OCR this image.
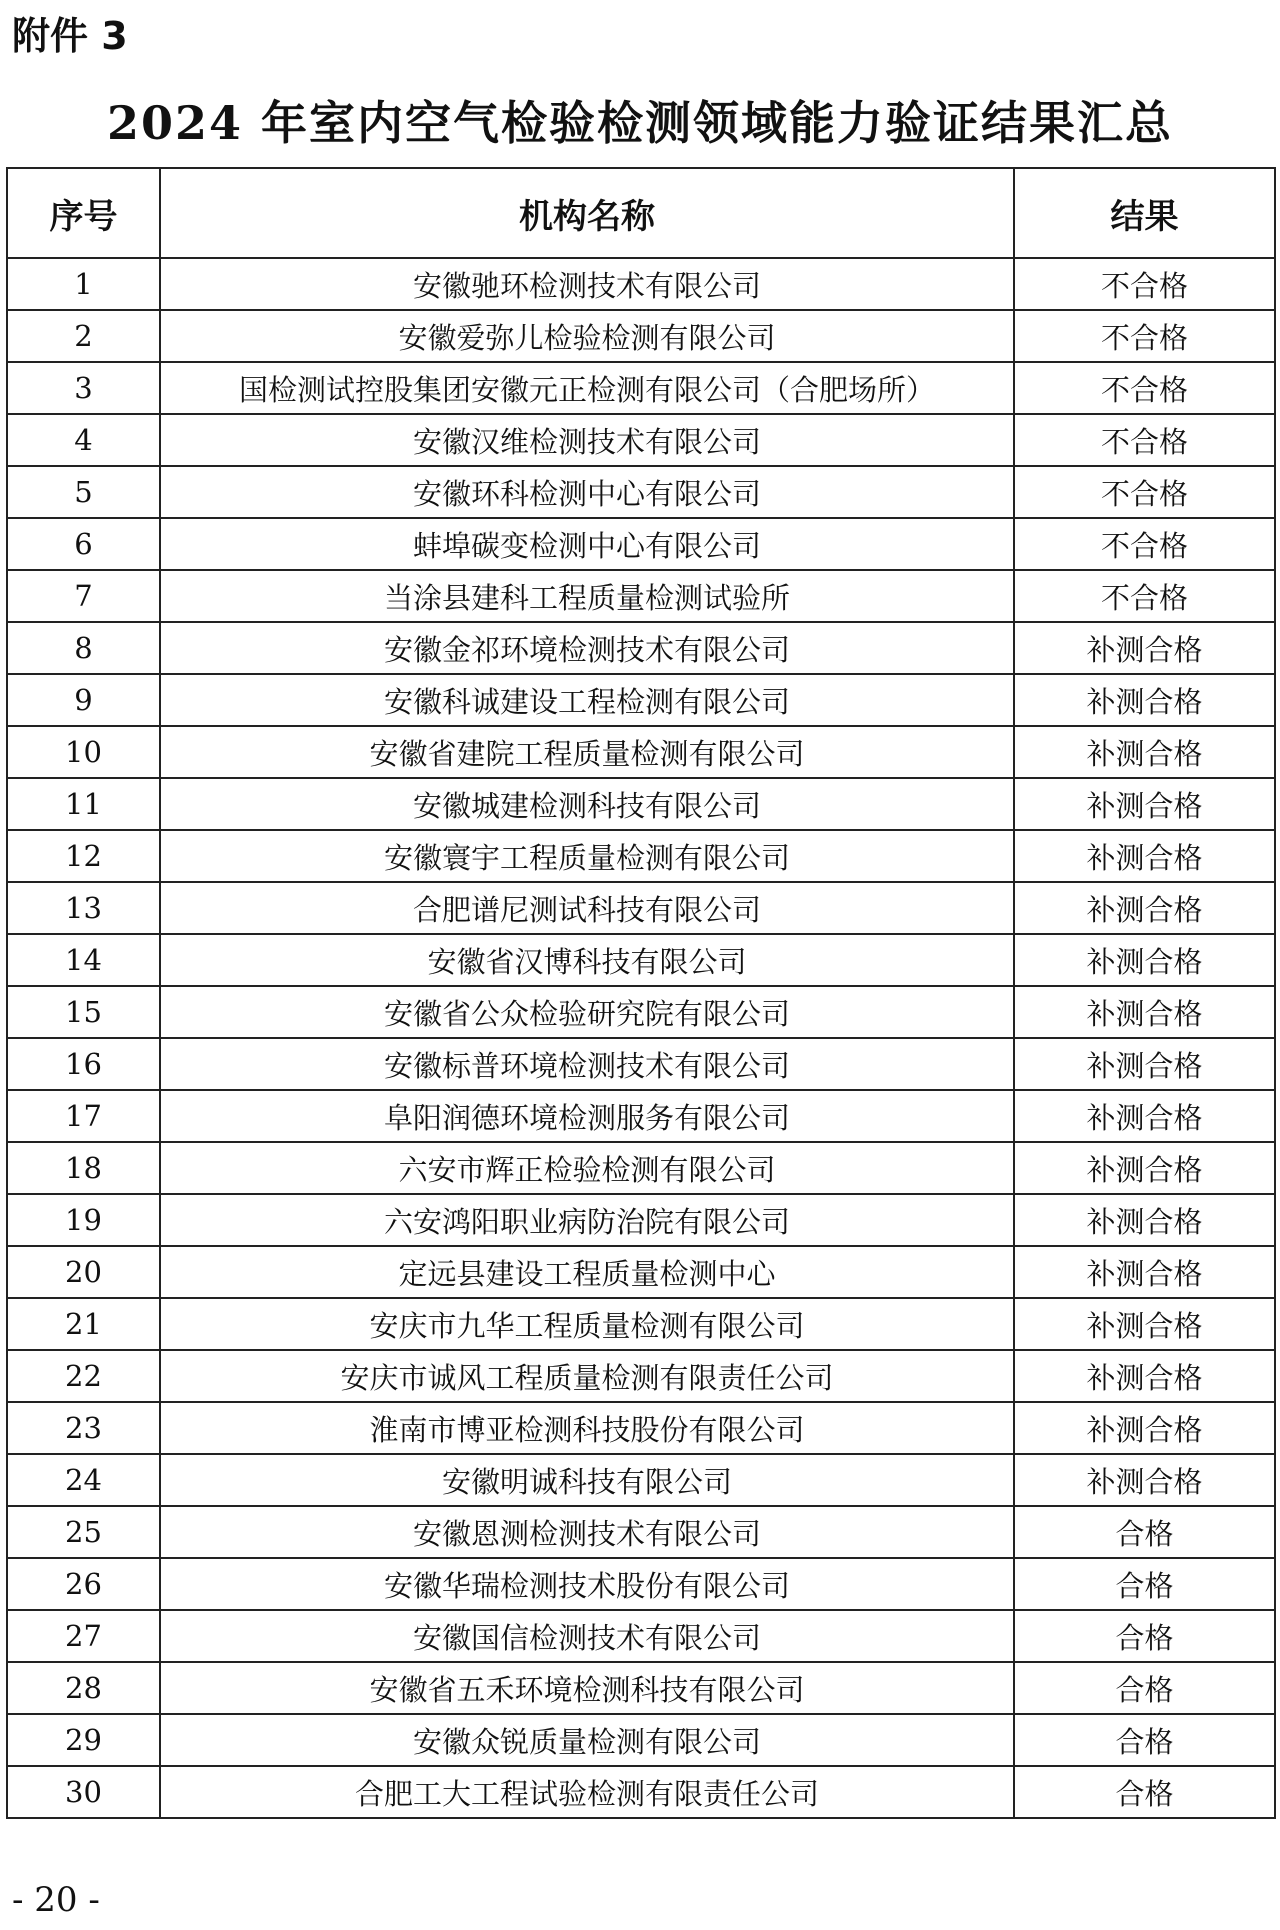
附件 3
2024 年室内空气检验检测领域能力验证结果汇总
序号	机构名称	结果
1	安徽驰环检测技术有限公司	不合格
2	安徽爱弥儿检验检测有限公司	不合格
3	国检测试控股集团安徽元正检测有限公司（合肥场所）	不合格
4	安徽汉维检测技术有限公司	不合格
5	安徽环科检测中心有限公司	不合格
6	蚌埠碳变检测中心有限公司	不合格
7	当涂县建科工程质量检测试验所	不合格
8	安徽金祁环境检测技术有限公司	补测合格
9	安徽科诚建设工程检测有限公司	补测合格
10	安徽省建院工程质量检测有限公司	补测合格
11	安徽城建检测科技有限公司	补测合格
12	安徽寰宇工程质量检测有限公司	补测合格
13	合肥谱尼测试科技有限公司	补测合格
14	安徽省汉博科技有限公司	补测合格
15	安徽省公众检验研究院有限公司	补测合格
16	安徽标普环境检测技术有限公司	补测合格
17	阜阳润德环境检测服务有限公司	补测合格
18	六安市辉正检验检测有限公司	补测合格
19	六安鸿阳职业病防治院有限公司	补测合格
20	定远县建设工程质量检测中心	补测合格
21	安庆市九华工程质量检测有限公司	补测合格
22	安庆市诚风工程质量检测有限责任公司	补测合格
23	淮南市博亚检测科技股份有限公司	补测合格
24	安徽明诚科技有限公司	补测合格
25	安徽恩测检测技术有限公司	合格
26	安徽华瑞检测技术股份有限公司	合格
27	安徽国信检测技术有限公司	合格
28	安徽省五禾环境检测科技有限公司	合格
29	安徽众锐质量检测有限公司	合格
30	合肥工大工程试验检测有限责任公司	合格
- 20 -
